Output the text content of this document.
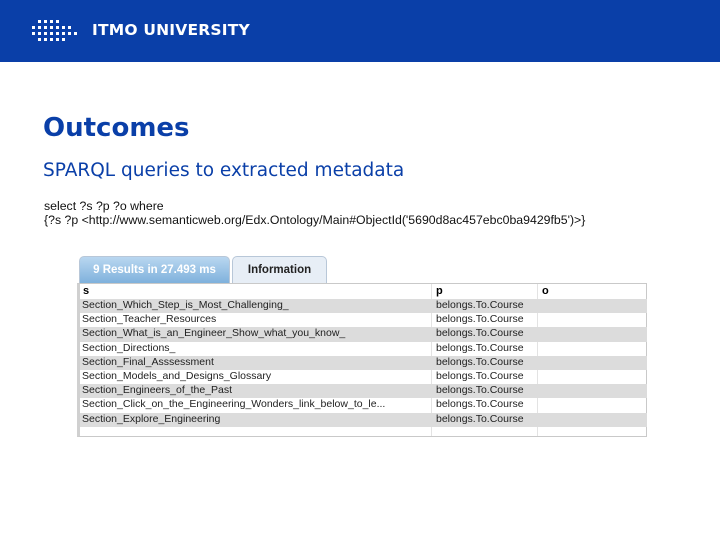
ITMO UNIVERSITY
Outcomes
SPARQL queries to extracted metadata
select ?s ?p ?o where
{?s ?p <http://www.semanticweb.org/Edx.Ontology/Main#ObjectId('5690d8ac457ebc0ba9429fb5')>}
9 Results in 27.493 ms	Information
s	p	o
Section_Which_Step_is_Most_Challenging_	belongs.To.Course
Section_Teacher_Resources	belongs.To.Course
Section_What_is_an_Engineer_Show_what_you_know_	belongs.To.Course
Section_Directions_	belongs.To.Course
Section_Final_Asssessment	belongs.To.Course
Section_Models_and_Designs_Glossary	belongs.To.Course
Section_Engineers_of_the_Past	belongs.To.Course
Section_Click_on_the_Engineering_Wonders_link_below_to_le...	belongs.To.Course
Section_Explore_Engineering	belongs.To.Course
